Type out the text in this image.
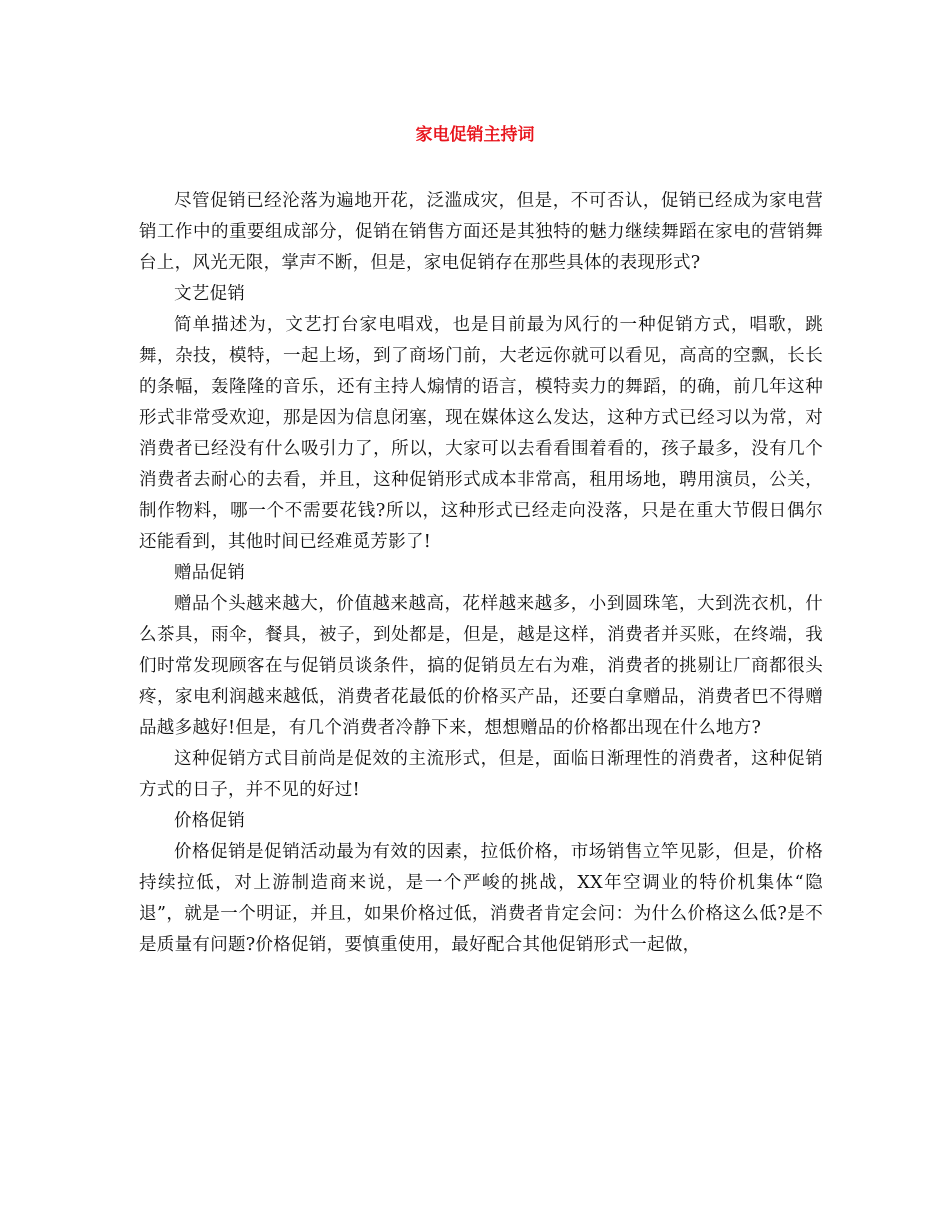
家电促销主持词

尽管促销已经沦落为遍地开花，泛滥成灾，但是，不可否认，促销已经成为家电营销工作中的重要组成部分，促销在销售方面还是其独特的魅力继续舞蹈在家电的营销舞台上，风光无限，掌声不断，但是，家电促销存在那些具体的表现形式?

文艺促销

简单描述为，文艺打台家电唱戏，也是目前最为风行的一种促销方式，唱歌，跳舞，杂技，模特，一起上场，到了商场门前，大老远你就可以看见，高高的空飘，长长的条幅，轰隆隆的音乐，还有主持人煽情的语言，模特卖力的舞蹈，的确，前几年这种形式非常受欢迎，那是因为信息闭塞，现在媒体这么发达，这种方式已经习以为常，对消费者已经没有什么吸引力了，所以，大家可以去看看围着看的，孩子最多，没有几个消费者去耐心的去看，并且，这种促销形式成本非常高，租用场地，聘用演员，公关，制作物料，哪一个不需要花钱?所以，这种形式已经走向没落，只是在重大节假日偶尔还能看到，其他时间已经难觅芳影了!

赠品促销

赠品个头越来越大，价值越来越高，花样越来越多，小到圆珠笔，大到洗衣机，什么茶具，雨伞，餐具，被子，到处都是，但是，越是这样，消费者并买账，在终端，我们时常发现顾客在与促销员谈条件，搞的促销员左右为难，消费者的挑剔让厂商都很头疼，家电利润越来越低，消费者花最低的价格买产品，还要白拿赠品，消费者巴不得赠品越多越好!但是，有几个消费者冷静下来，想想赠品的价格都出现在什么地方?

这种促销方式目前尚是促效的主流形式，但是，面临日渐理性的消费者，这种促销方式的日子，并不见的好过!

价格促销

价格促销是促销活动最为有效的因素，拉低价格，市场销售立竿见影，但是，价格持续拉低，对上游制造商来说，是一个严峻的挑战，XX年空调业的特价机集体“隐退”，就是一个明证，并且，如果价格过低，消费者肯定会问：为什么价格这么低?是不是质量有问题?价格促销，要慎重使用，最好配合其他促销形式一起做，
